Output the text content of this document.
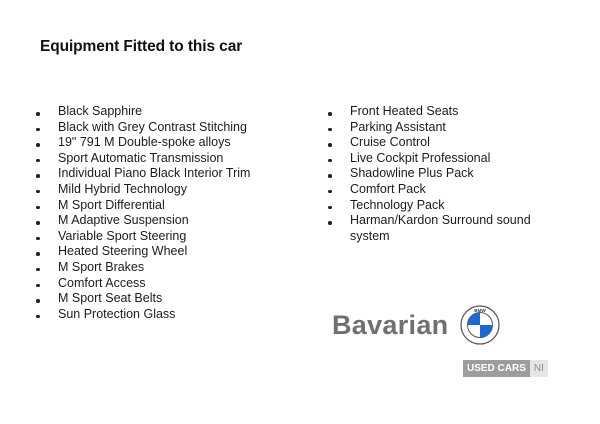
Equipment Fitted to this car
Black Sapphire
Black with Grey Contrast Stitching
19" 791 M Double-spoke alloys
Sport Automatic Transmission
Individual Piano Black Interior Trim
Mild Hybrid Technology
M Sport Differential
M Adaptive Suspension
Variable Sport Steering
Heated Steering Wheel
M Sport Brakes
Comfort Access
M Sport Seat Belts
Sun Protection Glass
Front Heated Seats
Parking Assistant
Cruise Control
Live Cockpit Professional
Shadowline Plus Pack
Comfort Pack
Technology Pack
Harman/Kardon Surround sound system
Bavarian	BMW
USED CARS NI
